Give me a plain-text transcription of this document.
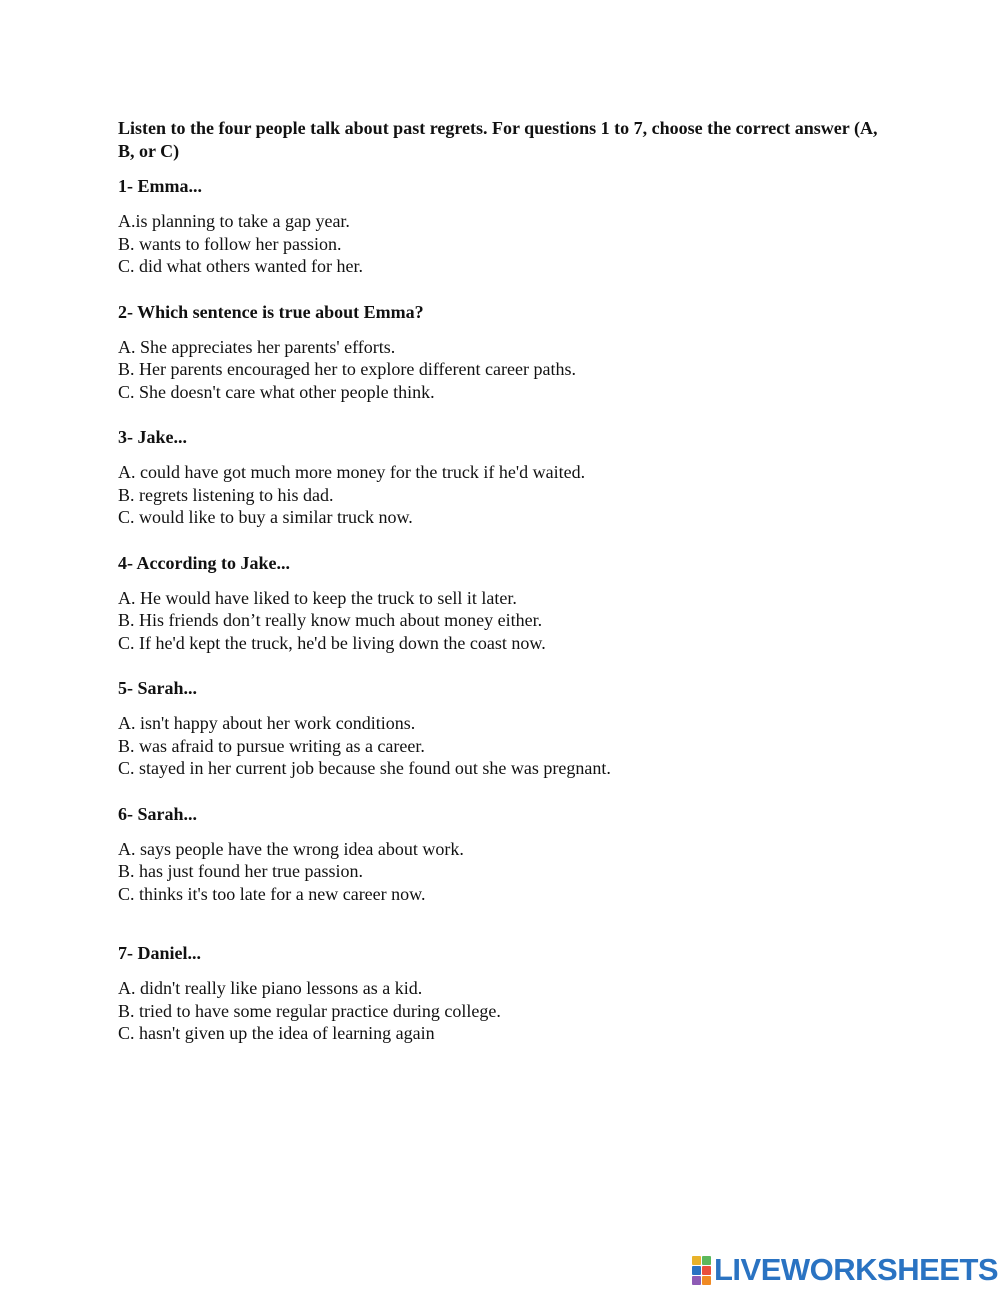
Listen to the four people talk about past regrets. For questions 1 to 7, choose the correct answer (A, B, or C)

1- Emma...

A.is planning to take a gap year.

B. wants to follow her passion.

C. did what others wanted for her.

2- Which sentence is true about Emma?

A. She appreciates her parents' efforts.

B. Her parents encouraged her to explore different career paths.

C. She doesn't care what other people think.

3- Jake...

A. could have got much more money for the truck if he'd waited.

B. regrets listening to his dad.

C. would like to buy a similar truck now.

4- According to Jake...

A. He would have liked to keep the truck to sell it later.

B. His friends don’t really know much about money either.

C. If he'd kept the truck, he'd be living down the coast now.

5- Sarah...

A. isn't happy about her work conditions.

B. was afraid to pursue writing as a career.

C. stayed in her current job because she found out she was pregnant.

6- Sarah...

A. says people have the wrong idea about work.

B. has just found her true passion.

C. thinks it's too late for a new career now.

7- Daniel...

A. didn't really like piano lessons as a kid.

B. tried to have some regular practice during college.

C. hasn't given up the idea of learning again

LIVEWORKSHEETS
